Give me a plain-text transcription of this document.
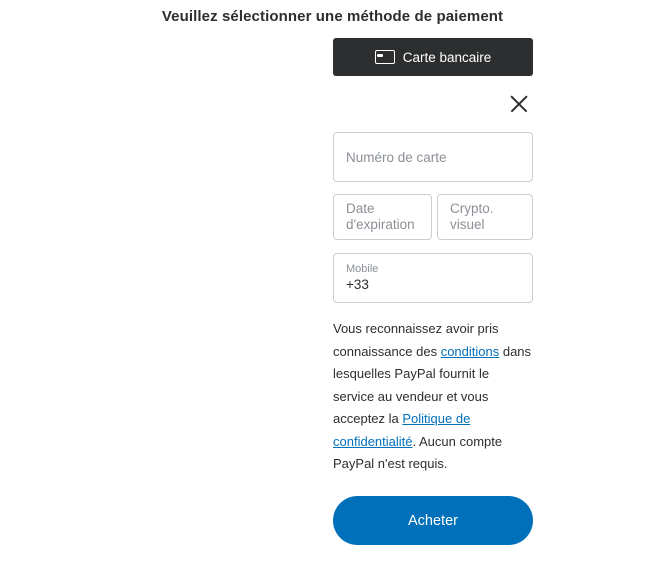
Veuillez sélectionner une méthode de paiement
Carte bancaire
Numéro de carte
Date d'expiration
Crypto. visuel
Mobile
+33
Vous reconnaissez avoir pris connaissance des conditions dans lesquelles PayPal fournit le service au vendeur et vous acceptez la Politique de confidentialité. Aucun compte PayPal n'est requis.
Acheter
